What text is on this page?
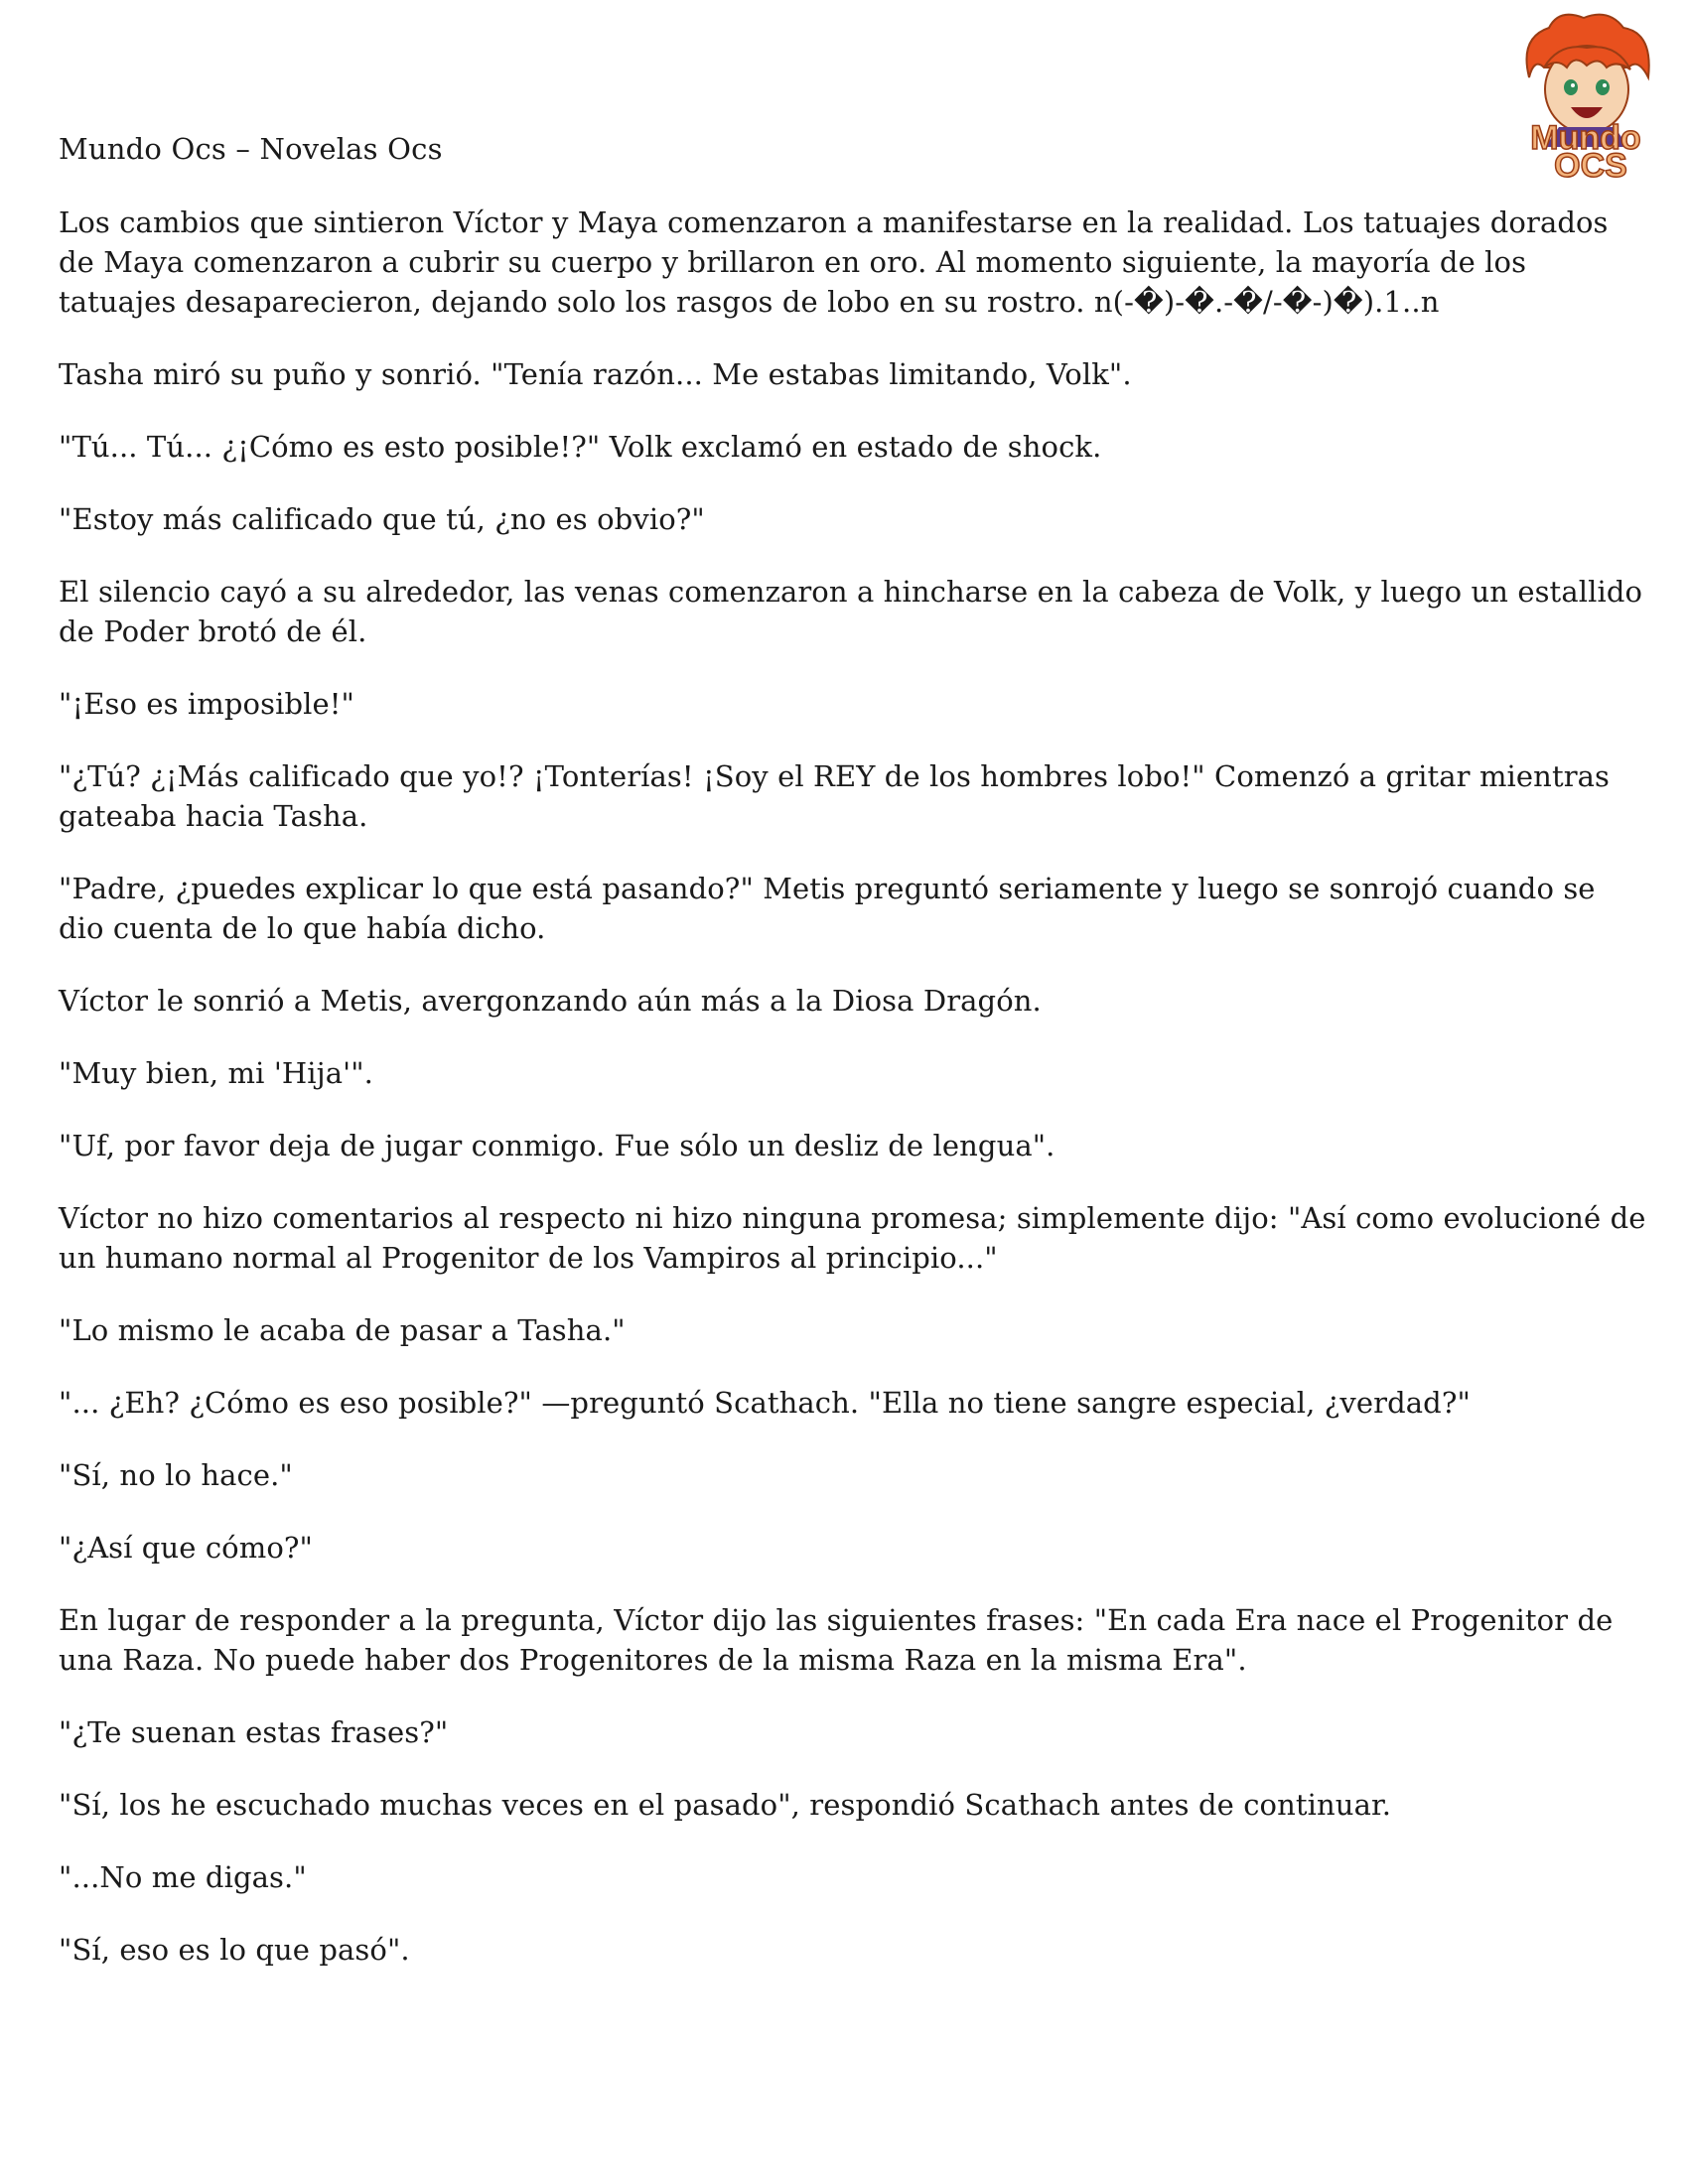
Mundo
OCS
Mundo Ocs – Novelas Ocs

Los cambios que sintieron Víctor y Maya comenzaron a manifestarse en la realidad. Los tatuajes dorados de Maya comenzaron a cubrir su cuerpo y brillaron en oro. Al momento siguiente, la mayoría de los tatuajes desaparecieron, dejando solo los rasgos de lobo en su rostro. n(-�)-�.-�/-�-)�).1..n

Tasha miró su puño y sonrió. "Tenía razón... Me estabas limitando, Volk".

"Tú... Tú... ¿¡Cómo es esto posible!?" Volk exclamó en estado de shock.

"Estoy más calificado que tú, ¿no es obvio?"

El silencio cayó a su alrededor, las venas comenzaron a hincharse en la cabeza de Volk, y luego un estallido de Poder brotó de él.

"¡Eso es imposible!"

"¿Tú? ¿¡Más calificado que yo!? ¡Tonterías! ¡Soy el REY de los hombres lobo!" Comenzó a gritar mientras gateaba hacia Tasha.

"Padre, ¿puedes explicar lo que está pasando?" Metis preguntó seriamente y luego se sonrojó cuando se dio cuenta de lo que había dicho.

Víctor le sonrió a Metis, avergonzando aún más a la Diosa Dragón.

"Muy bien, mi 'Hija'".

"Uf, por favor deja de jugar conmigo. Fue sólo un desliz de lengua".

Víctor no hizo comentarios al respecto ni hizo ninguna promesa; simplemente dijo: "Así como evolucioné de un humano normal al Progenitor de los Vampiros al principio..."

"Lo mismo le acaba de pasar a Tasha."

"... ¿Eh? ¿Cómo es eso posible?" —preguntó Scathach. "Ella no tiene sangre especial, ¿verdad?"

"Sí, no lo hace."

"¿Así que cómo?"

En lugar de responder a la pregunta, Víctor dijo las siguientes frases: "En cada Era nace el Progenitor de una Raza. No puede haber dos Progenitores de la misma Raza en la misma Era".

"¿Te suenan estas frases?"

"Sí, los he escuchado muchas veces en el pasado", respondió Scathach antes de continuar.

"...No me digas."

"Sí, eso es lo que pasó".
